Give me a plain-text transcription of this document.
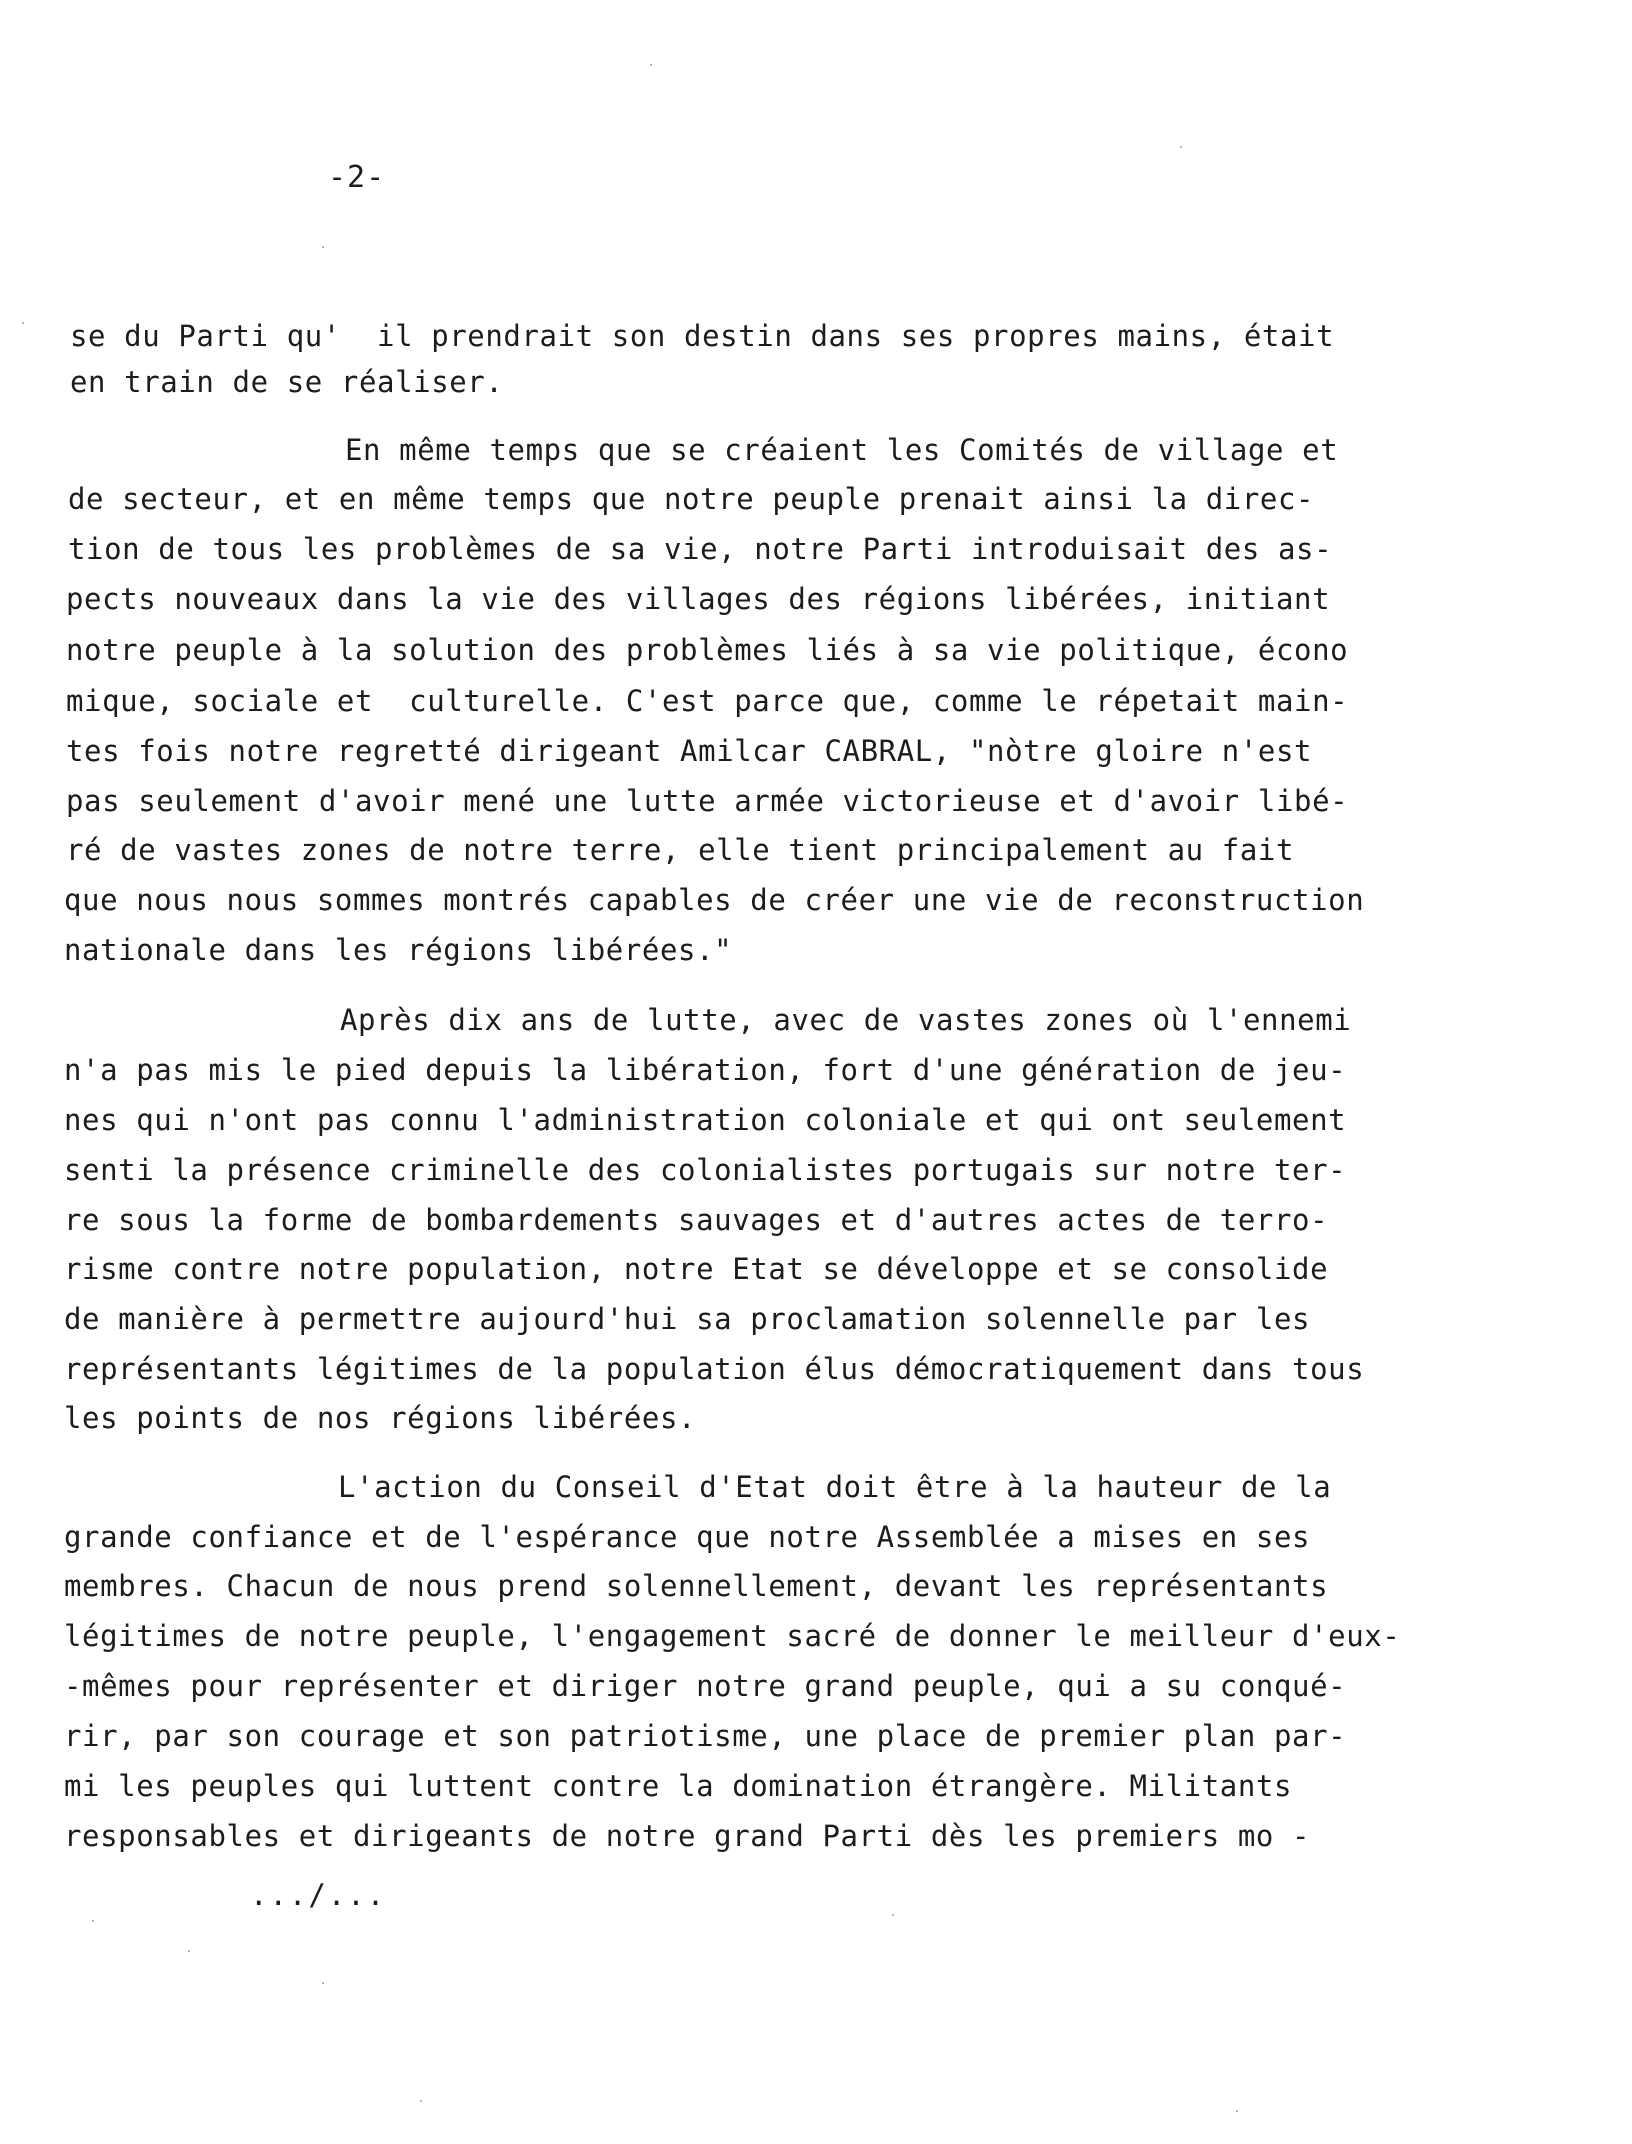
-2-
se du Parti qu'  il prendrait son destin dans ses propres mains, était
en train de se réaliser.
En même temps que se créaient les Comités de village et
de secteur, et en même temps que notre peuple prenait ainsi la direc-
tion de tous les problèmes de sa vie, notre Parti introduisait des as-
pects nouveaux dans la vie des villages des régions libérées, initiant
notre peuple à la solution des problèmes liés à sa vie politique, écono
mique, sociale et  culturelle. C'est parce que, comme le répetait main-
tes fois notre regretté dirigeant Amilcar CABRAL, "nòtre gloire n'est
pas seulement d'avoir mené une lutte armée victorieuse et d'avoir libé-
ré de vastes zones de notre terre, elle tient principalement au fait
que nous nous sommes montrés capables de créer une vie de reconstruction
nationale dans les régions libérées."
Après dix ans de lutte, avec de vastes zones où l'ennemi
n'a pas mis le pied depuis la libération, fort d'une génération de jeu-
nes qui n'ont pas connu l'administration coloniale et qui ont seulement
senti la présence criminelle des colonialistes portugais sur notre ter-
re sous la forme de bombardements sauvages et d'autres actes de terro-
risme contre notre population, notre Etat se développe et se consolide
de manière à permettre aujourd'hui sa proclamation solennelle par les
représentants légitimes de la population élus démocratiquement dans tous
les points de nos régions libérées.
L'action du Conseil d'Etat doit être à la hauteur de la
grande confiance et de l'espérance que notre Assemblée a mises en ses
membres. Chacun de nous prend solennellement, devant les représentants
légitimes de notre peuple, l'engagement sacré de donner le meilleur d'eux-
-mêmes pour représenter et diriger notre grand peuple, qui a su conqué-
rir, par son courage et son patriotisme, une place de premier plan par-
mi les peuples qui luttent contre la domination étrangère. Militants
responsables et dirigeants de notre grand Parti dès les premiers mo -
.../...
